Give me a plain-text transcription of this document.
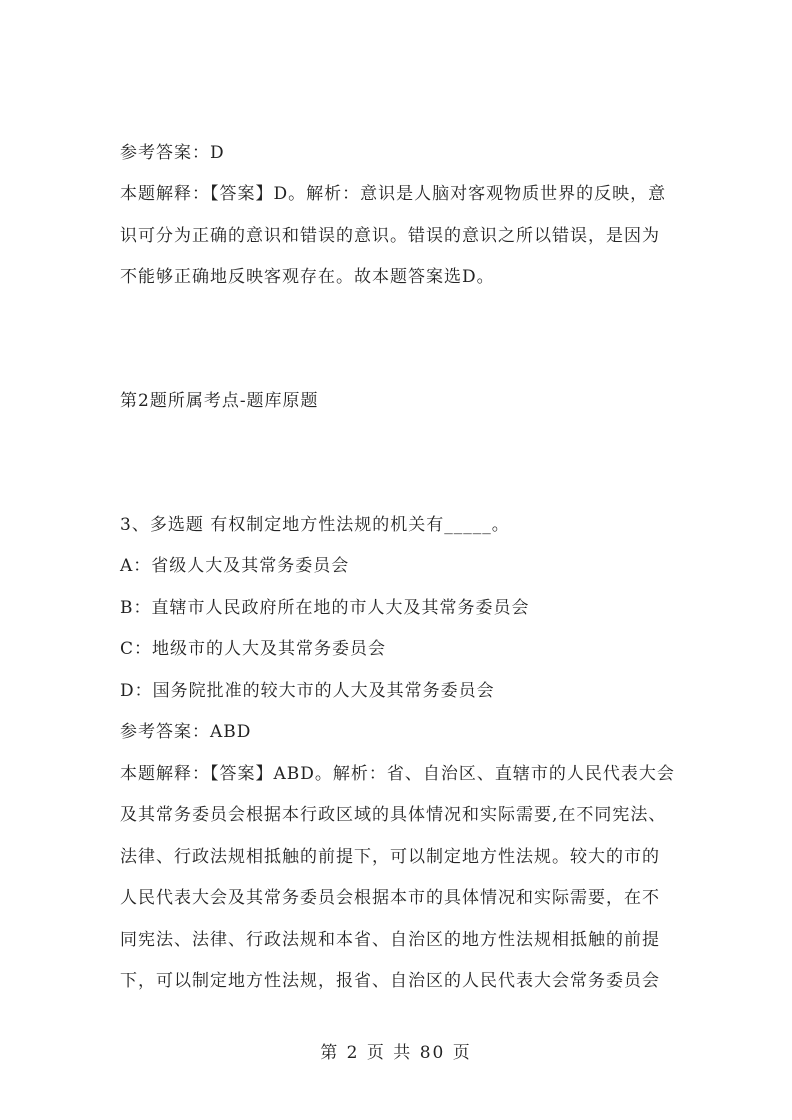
参考答案：D
本题解释：【答案】D。解析：意识是人脑对客观物质世界的反映，意
识可分为正确的意识和错误的意识。错误的意识之所以错误，是因为
不能够正确地反映客观存在。故本题答案选D。
第2题所属考点-题库原题
3、多选题 有权制定地方性法规的机关有_____。
A：省级人大及其常务委员会
B：直辖市人民政府所在地的市人大及其常务委员会
C：地级市的人大及其常务委员会
D：国务院批准的较大市的人大及其常务委员会
参考答案：ABD
本题解释：【答案】ABD。解析：省、自治区、直辖市的人民代表大会
及其常务委员会根据本行政区域的具体情况和实际需要,在不同宪法、
法律、行政法规相抵触的前提下，可以制定地方性法规。较大的市的
人民代表大会及其常务委员会根据本市的具体情况和实际需要，在不
同宪法、法律、行政法规和本省、自治区的地方性法规相抵触的前提
下，可以制定地方性法规，报省、自治区的人民代表大会常务委员会
第 2 页 共 80 页
